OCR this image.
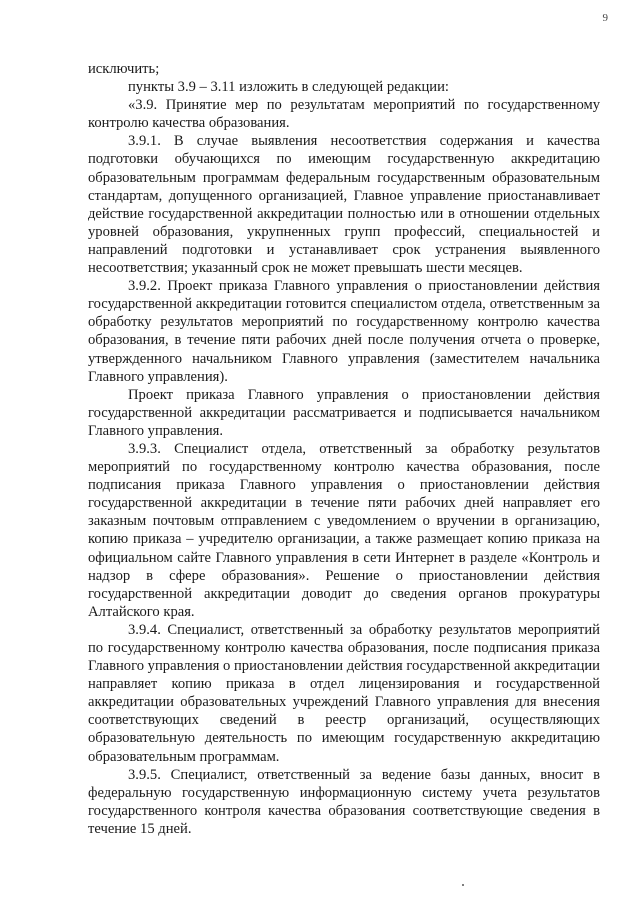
9

исключить;

пункты 3.9 – 3.11 изложить в следующей редакции:

«3.9. Принятие мер по результатам мероприятий по государственному контролю качества образования.

3.9.1. В случае выявления несоответствия содержания и качества подготовки обучающихся по имеющим государственную аккредитацию образовательным программам федеральным государственным образовательным стандартам, допущенного организацией, Главное управление приостанавливает действие государственной аккредитации полностью или в отношении отдельных уровней образования, укрупненных групп профессий, специальностей и направлений подготовки и устанавливает срок устранения выявленного несоответствия; указанный срок не может превышать шести месяцев.

3.9.2. Проект приказа Главного управления о приостановлении действия государственной аккредитации готовится специалистом отдела, ответственным за обработку результатов мероприятий по государственному контролю качества образования, в течение пяти рабочих дней после получения отчета о проверке, утвержденного начальником Главного управления (заместителем начальника Главного управления).

Проект приказа Главного управления о приостановлении действия государственной аккредитации рассматривается и подписывается начальником Главного управления.

3.9.3. Специалист отдела, ответственный за обработку результатов мероприятий по государственному контролю качества образования, после подписания приказа Главного управления о приостановлении действия государственной аккредитации в течение пяти рабочих дней направляет его заказным почтовым отправлением с уведомлением о вручении в организацию, копию приказа – учредителю организации, а также размещает копию приказа на официальном сайте Главного управления в сети Интернет в разделе «Контроль и надзор в сфере образования». Решение о приостановлении действия государственной аккредитации доводит до сведения органов прокуратуры Алтайского края.

3.9.4. Специалист, ответственный за обработку результатов мероприятий по государственному контролю качества образования, после подписания приказа Главного управления о приостановлении действия государственной аккредитации направляет копию приказа в отдел лицензирования и государственной аккредитации образовательных учреждений Главного управления для внесения соответствующих сведений в реестр организаций, осуществляющих образовательную деятельность по имеющим государственную аккредитацию образовательным программам.

3.9.5. Специалист, ответственный за ведение базы данных, вносит в федеральную государственную информационную систему учета результатов государственного контроля качества образования соответствующие сведения в течение 15 дней.
